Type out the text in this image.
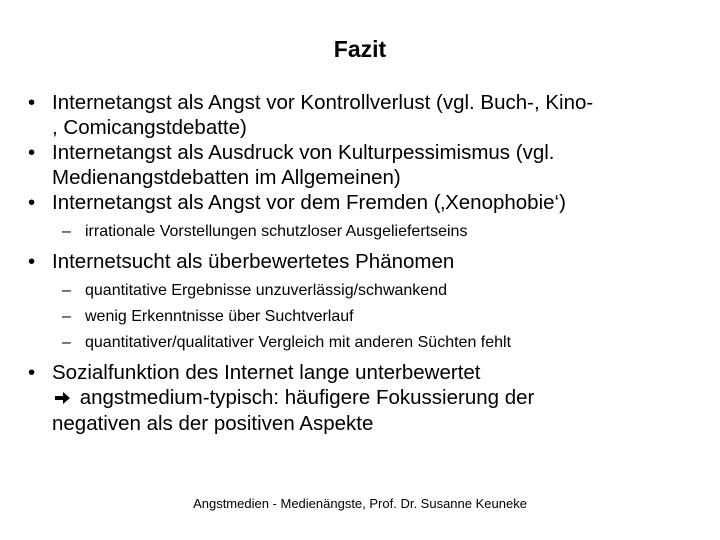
Fazit
• Internetangst als Angst vor Kontrollverlust (vgl. Buch-, Kino-
, Comicangstdebatte)
• Internetangst als Ausdruck von Kulturpessimismus (vgl.
Medienangstdebatten im Allgemeinen)
• Internetangst als Angst vor dem Fremden (‚Xenophobie‘)
– irrationale Vorstellungen schutzloser Ausgeliefertseins
• Internetsucht als überbewertetes Phänomen
– quantitative Ergebnisse unzuverlässig/schwankend
– wenig Erkenntnisse über Suchtverlauf
– quantitativer/qualitativer Vergleich mit anderen Süchten fehlt
• Sozialfunktion des Internet lange unterbewertet
angstmedium-typisch: häufigere Fokussierung der
negativen als der positiven Aspekte
Angstmedien - Medienängste, Prof. Dr. Susanne Keuneke
